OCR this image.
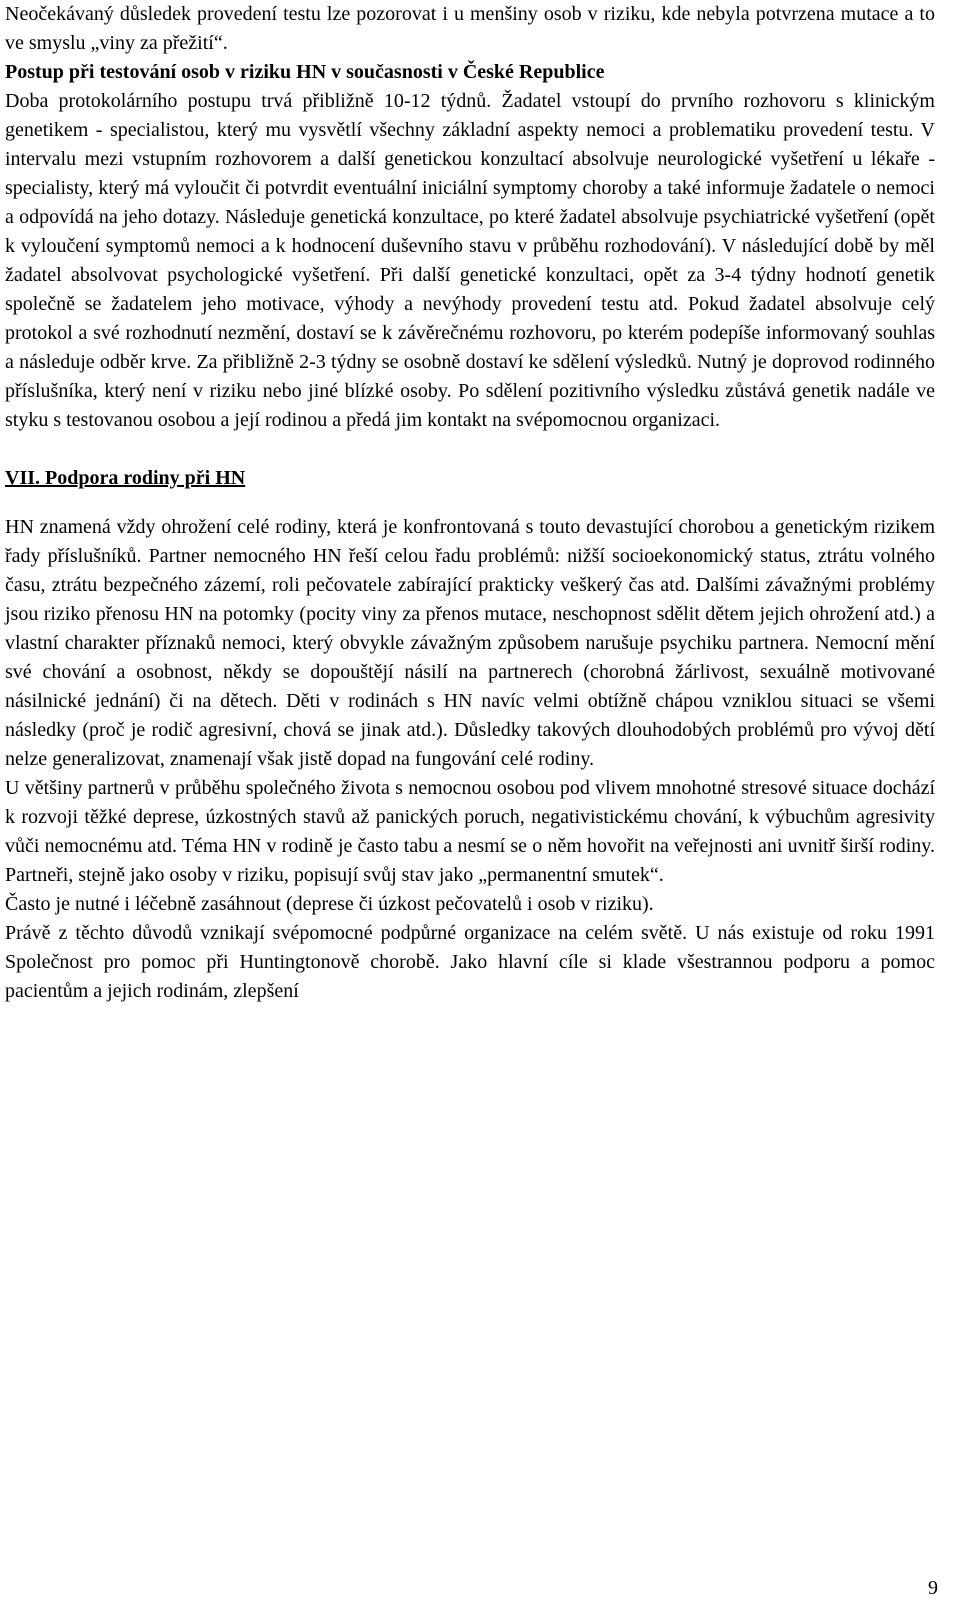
Neočekávaný důsledek provedení testu lze pozorovat i u menšiny osob v riziku, kde nebyla potvrzena mutace a to ve smyslu „viny za přežití“.

Postup při testování osob v riziku HN v současnosti v České Republice

Doba protokolárního postupu trvá přibližně 10-12 týdnů. Žadatel vstoupí do prvního rozhovoru s klinickým genetikem - specialistou, který mu vysvětlí všechny základní aspekty nemoci a problematiku provedení testu. V intervalu mezi vstupním rozhovorem a další genetickou konzultací absolvuje neurologické vyšetření u lékaře - specialisty, který má vyloučit či potvrdit eventuální iniciální symptomy choroby a také informuje žadatele o nemoci a odpovídá na jeho dotazy. Následuje genetická konzultace, po které žadatel absolvuje psychiatrické vyšetření (opět k vyloučení symptomů nemoci a k hodnocení duševního stavu v průběhu rozhodování). V následující době by měl žadatel absolvovat psychologické vyšetření. Při další genetické konzultaci, opět za 3-4 týdny hodnotí genetik společně se žadatelem jeho motivace, výhody a nevýhody provedení testu atd. Pokud žadatel absolvuje celý protokol a své rozhodnutí nezmění, dostaví se k závěrečnému rozhovoru, po kterém podepíše informovaný souhlas a následuje odběr krve. Za přibližně 2-3 týdny se osobně dostaví ke sdělení výsledků. Nutný je doprovod rodinného příslušníka, který není v riziku nebo jiné blízké osoby. Po sdělení pozitivního výsledku zůstává genetik nadále ve styku s testovanou osobou a její rodinou a předá jim kontakt na svépomocnou organizaci.

VII. Podpora rodiny při HN

HN znamená vždy ohrožení celé rodiny, která je konfrontovaná s touto devastující chorobou a genetickým rizikem řady příslušníků. Partner nemocného HN řeší celou řadu problémů: nižší socioekonomický status, ztrátu volného času, ztrátu bezpečného zázemí, roli pečovatele zabírající prakticky veškerý čas atd. Dalšími závažnými problémy jsou riziko přenosu HN na potomky (pocity viny za přenos mutace, neschopnost sdělit dětem jejich ohrožení atd.) a vlastní charakter příznaků nemoci, který obvykle závažným způsobem narušuje psychiku partnera. Nemocní mění své chování a osobnost, někdy se dopouštějí násilí na partnerech (chorobná žárlivost, sexuálně motivované násilnické jednání) či na dětech. Děti v rodinách s HN navíc velmi obtížně chápou vzniklou situaci se všemi následky (proč je rodič agresivní, chová se jinak atd.). Důsledky takových dlouhodobých problémů pro vývoj dětí nelze generalizovat, znamenají však jistě dopad na fungování celé rodiny.

U většiny partnerů v průběhu společného života s nemocnou osobou pod vlivem mnohotné stresové situace dochází k rozvoji těžké deprese, úzkostných stavů až panických poruch, negativistickému chování, k výbuchům agresivity vůči nemocnému atd. Téma HN v rodině je často tabu a nesmí se o něm hovořit na veřejnosti ani uvnitř širší rodiny. Partneři, stejně jako osoby v riziku, popisují svůj stav jako „permanentní smutek“.

Často je nutné i léčebně zasáhnout (deprese či úzkost pečovatelů i osob v riziku).

Právě z těchto důvodů vznikají svépomocné podpůrné organizace na celém světě. U nás existuje od roku 1991 Společnost pro pomoc při Huntingtonově chorobě. Jako hlavní cíle si klade všestrannou podporu a pomoc pacientům a jejich rodinám, zlepšení

9
